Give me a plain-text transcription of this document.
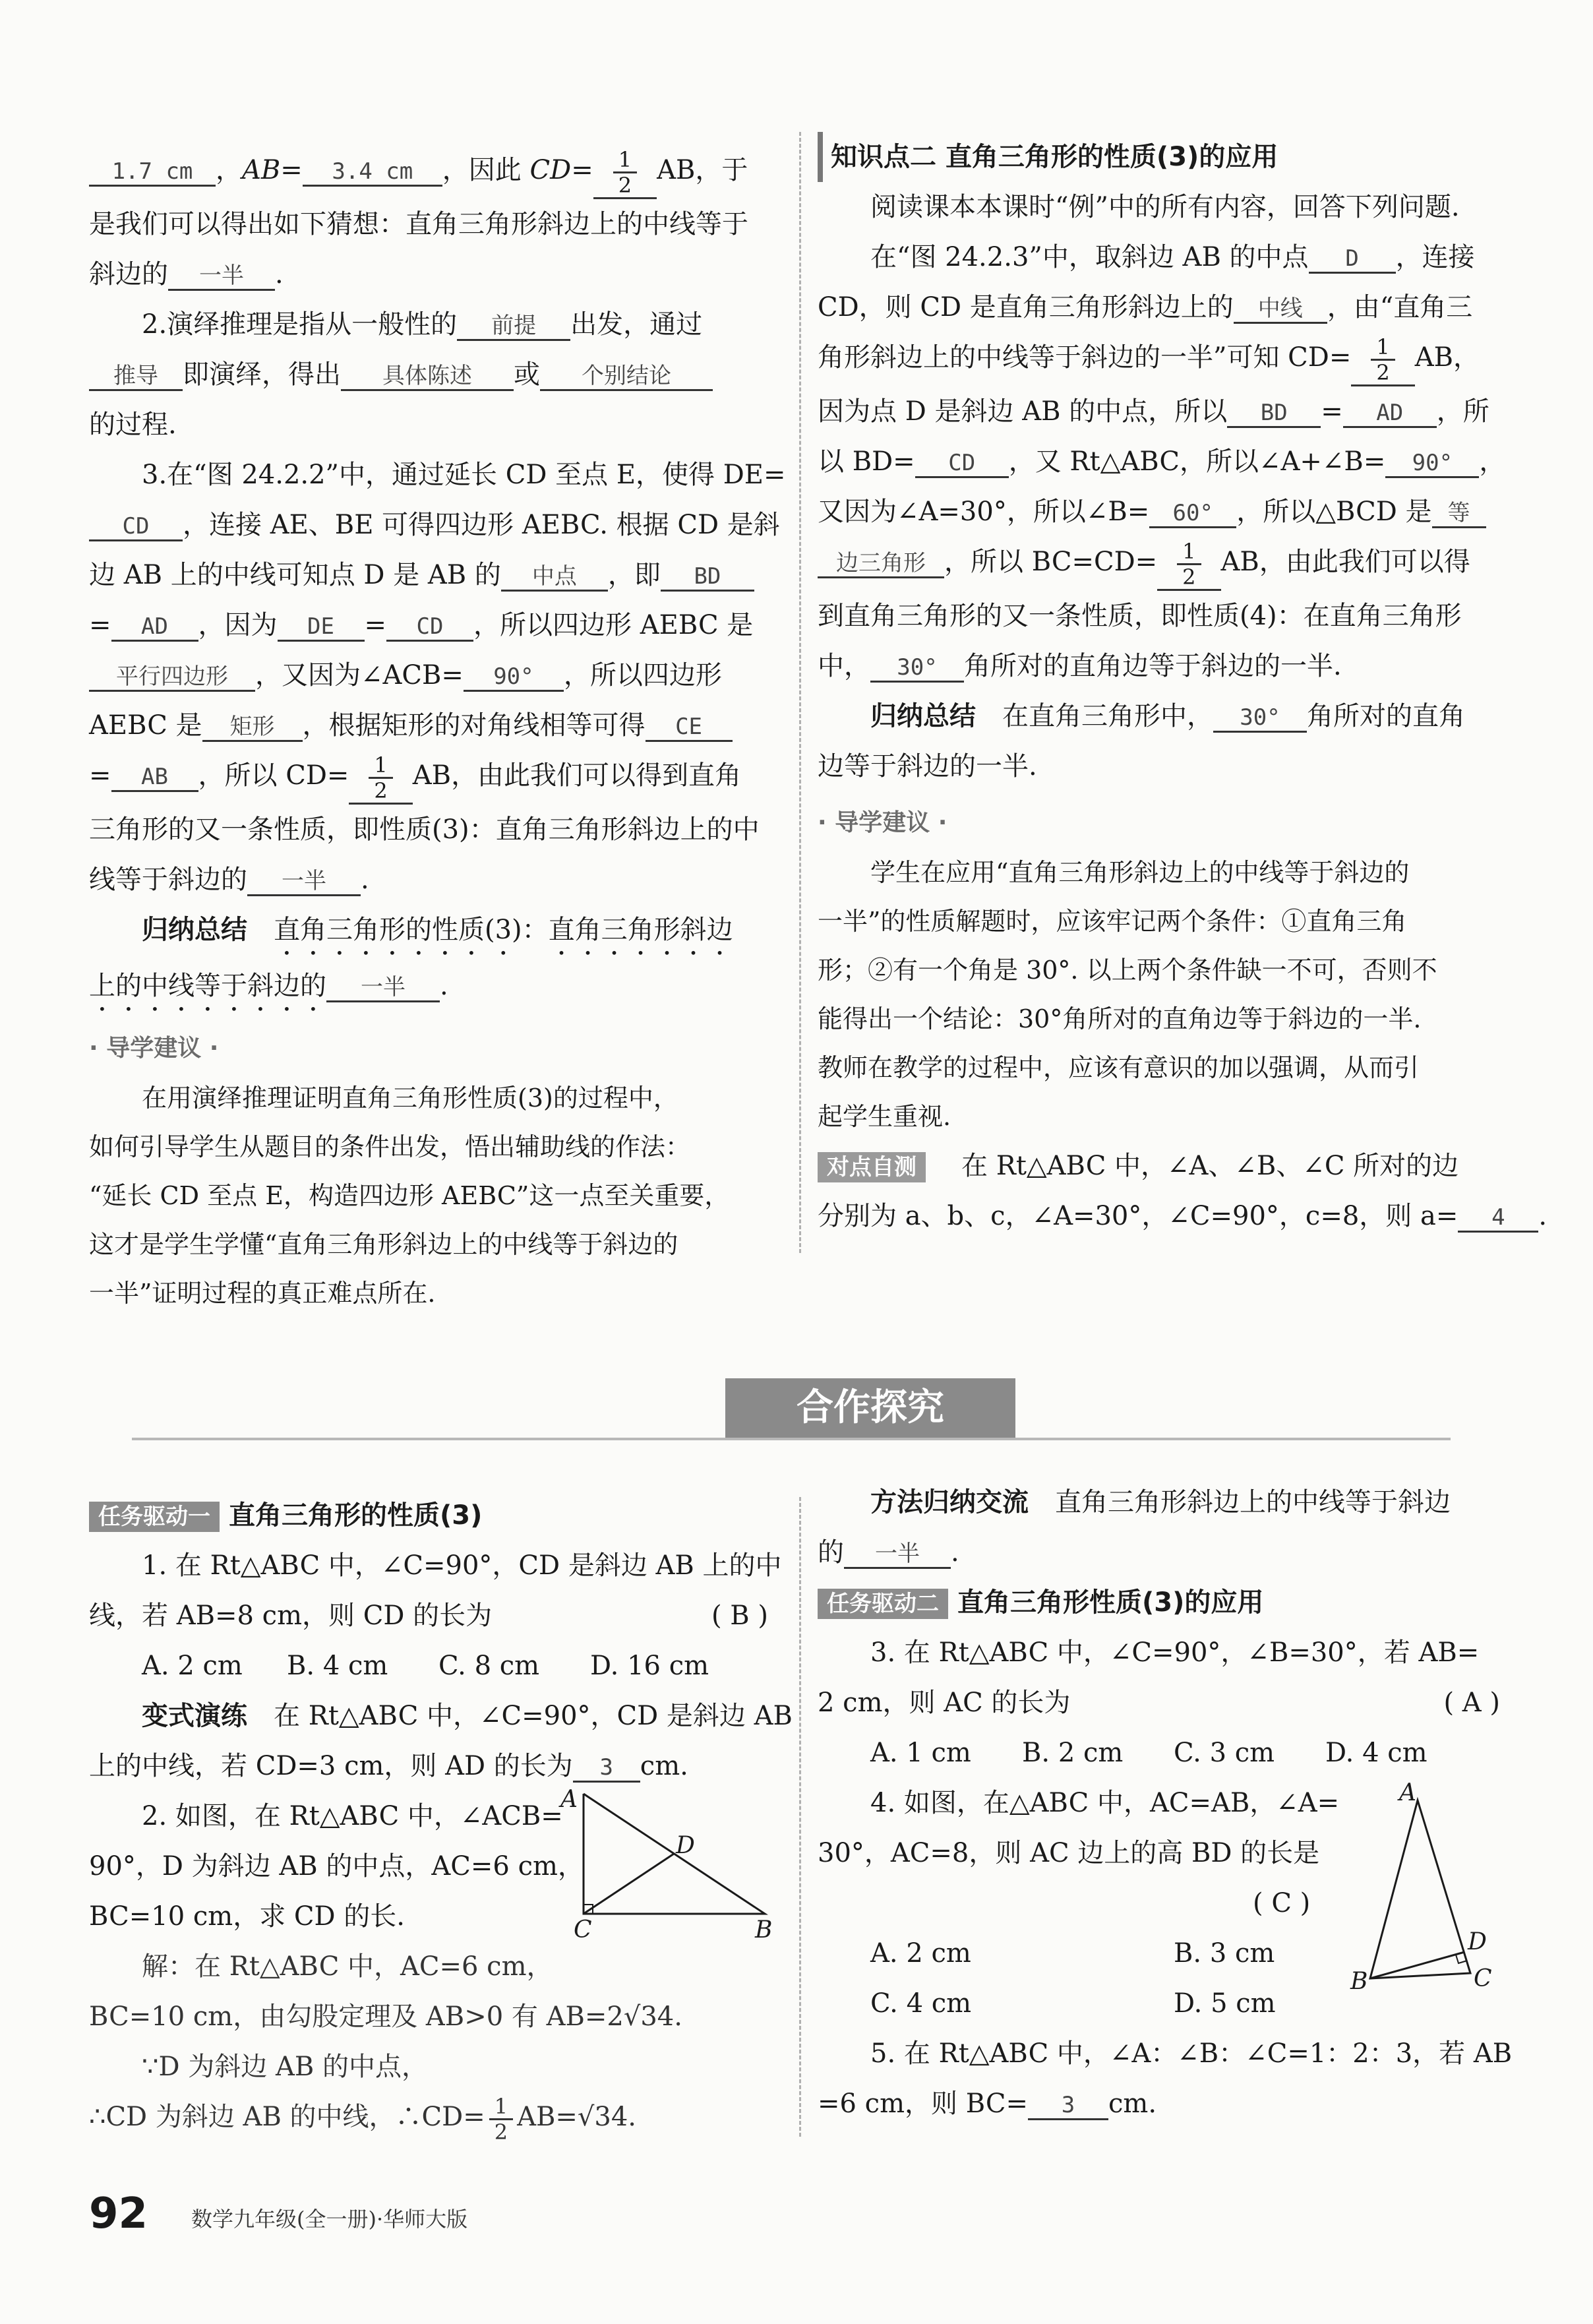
1.7 cm ，AB= 3.4 cm ，因此 $CD= \frac{1}{2}$ AB，于

是我们可以得出如下猜想：直角三角形斜边上的中线等于

斜边的 一半 .

2.演绎推理是指从一般性的 前提 出发，通过

推导 即演绎，得出 具体陈述 或 个别结论

的过程.

3.在“图 24.2.2”中，通过延长 CD 至点 E，使得 DE=

CD ，连接 AE、BE 可得四边形 AEBC. 根据 CD 是斜

边 AB 上的中线可知点 D 是 AB 的 中点 ，即 BD

= AD ，因为 DE = CD ，所以四边形 AEBC 是

平行四边形 ，又因为∠ACB= 90° ，所以四边形

AEBC 是 矩形 ，根据矩形的对角线相等可得 CE

= AB ，所以 $CD= \frac{1}{2}$ AB，由此我们可以得到直角

三角形的又一条性质，即性质(3)：直角三角形斜边上的中

线等于斜边的 一半 .

归纳总结　 直角三角形的性质(3)：直角三角形斜边

上的中线等于斜边的 一半 .

· 导学建议 ·

在用演绎推理证明直角三角形性质(3)的过程中，

如何引导学生从题目的条件出发，悟出辅助线的作法：

“延长 CD 至点 E，构造四边形 AEBC”这一点至关重要，

这才是学生学懂“直角三角形斜边上的中线等于斜边的

一半”证明过程的真正难点所在.

知识点二 直角三角形的性质(3)的应用

阅读课本本课时“例”中的所有内容，回答下列问题.

在“图 24.2.3”中，取斜边 AB 的中点 D ，连接

CD，则 CD 是直角三角形斜边上的 中线 ，由“直角三

角形斜边上的中线等于斜边的一半”可知 $CD= \frac{1}{2}$ AB，

因为点 D 是斜边 AB 的中点，所以 BD = AD ，所

以 BD= CD ，又 Rt△ABC，所以∠A+∠B= 90° ，

又因为∠A=30°，所以∠B= 60° ，所以△BCD 是 等

边三角形 ，所以 $BC=CD= \frac{1}{2}$ AB，由此我们可以得

到直角三角形的又一条性质，即性质(4)：在直角三角形

中， 30° 角所对的直角边等于斜边的一半.

归纳总结　 在直角三角形中， 30° 角所对的直角

边等于斜边的一半.

· 导学建议 ·

学生在应用“直角三角形斜边上的中线等于斜边的

一半”的性质解题时，应该牢记两个条件：①直角三角

形；②有一个角是 30°. 以上两个条件缺一不可，否则不

能得出一个结论：30°角所对的直角边等于斜边的一半.

教师在教学的过程中，应该有意识的加以强调，从而引

起学生重视.

对点自测　 在 Rt△ABC 中，∠A、∠B、∠C 所对的边

分别为 a、b、c，∠A=30°，∠C=90°，c=8，则 a= 4 .

合作探究

任务驱动一 直角三角形的性质(3)

1. 在 Rt△ABC 中，∠C=90°，CD 是斜边 AB 上的中

线，若 AB=8 cm，则 CD 的长为	( B )

A. 2 cm B. 4 cm C. 8 cm D. 16 cm

变式演练　 在 Rt△ABC 中，∠C=90°，CD 是斜边 AB

上的中线，若 CD=3 cm，则 AD 的长为 3 cm.

2. 如图，在 Rt△ABC 中，∠ACB=

90°，D 为斜边 AB 的中点，AC=6 cm，

BC=10 cm，求 CD 的长.

解：在 Rt△ABC 中，AC=6 cm，

BC=10 cm，由勾股定理及 AB>0 有 AB=2√34.

∵D 为斜边 AB 的中点，

∴CD 为斜边 AB 的中线，∴CD= $\frac{1}{2} AB=√34$.

A
D
C	B

方法归纳交流　 直角三角形斜边上的中线等于斜边

的 一半 .

任务驱动二 直角三角形性质(3)的应用

3. 在 Rt△ABC 中，∠C=90°，∠B=30°，若 AB=

2 cm，则 AC 的长为	( A )

A. 1 cm B. 2 cm C. 3 cm D. 4 cm

4. 如图，在△ABC 中，AC=AB，∠A=

30°，AC=8，则 AC 边上的高 BD 的长是

( C )

A. 2 cm	B. 3 cm

C. 4 cm	D. 5 cm

5. 在 Rt△ABC 中，∠A：∠B：∠C=1：2：3，若 AB

=6 cm，则 BC= 3 cm.

A
D
B	C
92 数学九年级(全一册)·华师大版
